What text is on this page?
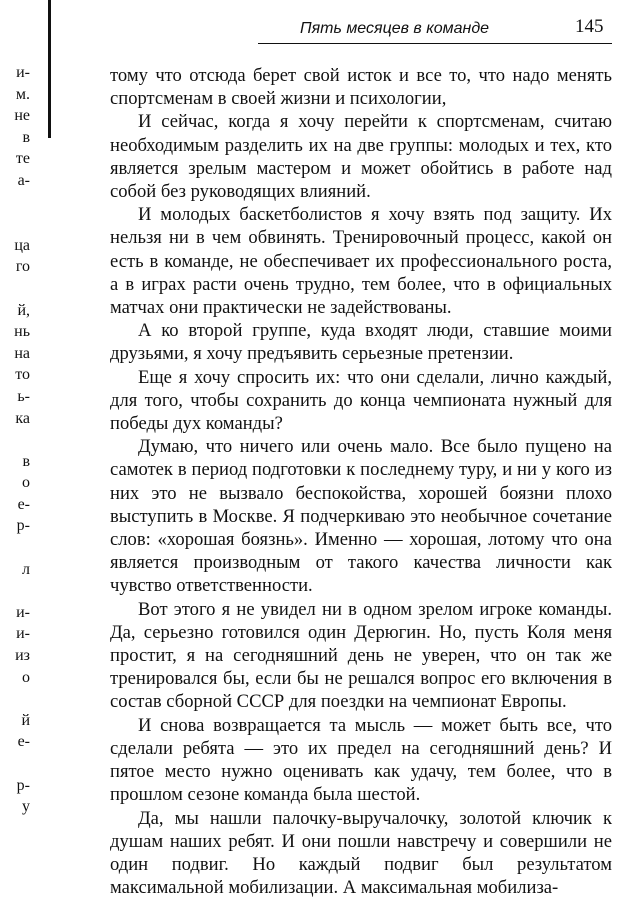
и-
м.
не
в
те
а-
ца
го
й,
нь
на
то
ь-
ка
в
о
е-
р-
л
и-
и-
из
о
й
е-
р-
у
Пять месяцев в команде	145

тому что отсюда берет свой исток и все то, что надо менять спортсменам в своей жизни и психологии,

И сейчас, когда я хочу перейти к спортсменам, считаю необходимым разделить их на две группы: молодых и тех, кто является зрелым мастером и может обойтись в работе над собой без руководящих влияний.

И молодых баскетболистов я хочу взять под защиту. Их нельзя ни в чем обвинять. Тренировочный процесс, какой он есть в команде, не обеспечивает их профессионального роста, а в играх расти очень трудно, тем более, что в официальных матчах они практически не задействованы.

А ко второй группе, куда входят люди, ставшие моими друзьями, я хочу предъявить серьезные претензии.

Еще я хочу спросить их: что они сделали, лично каждый, для того, чтобы сохранить до конца чемпионата нужный для победы дух команды?

Думаю, что ничего или очень мало. Все было пущено на самотек в период подготовки к последнему туру, и ни у кого из них это не вызвало беспокойства, хорошей боязни плохо выступить в Москве. Я подчеркиваю это необычное сочетание слов: «хорошая боязнь». Именно — хорошая, лотому что она является производным от такого качества личности как чувство ответственности.

Вот этого я не увидел ни в одном зрелом игроке команды. Да, серьезно готовился один Дерюгин. Но, пусть Коля меня простит, я на сегодняшний день не уверен, что он так же тренировался бы, если бы не решался вопрос его включения в состав сборной СССР для поездки на чемпионат Европы.

И снова возвращается та мысль — может быть все, что сделали ребята — это их предел на сегодняшний день? И пятое место нужно оценивать как удачу, тем более, что в прошлом сезоне команда была шестой.

Да, мы нашли палочку-выручалочку, золотой ключик к душам наших ребят. И они пошли навстречу и совершили не один подвиг. Но каждый подвиг был результатом максимальной мобилизации. А максимальная мобилиза-
